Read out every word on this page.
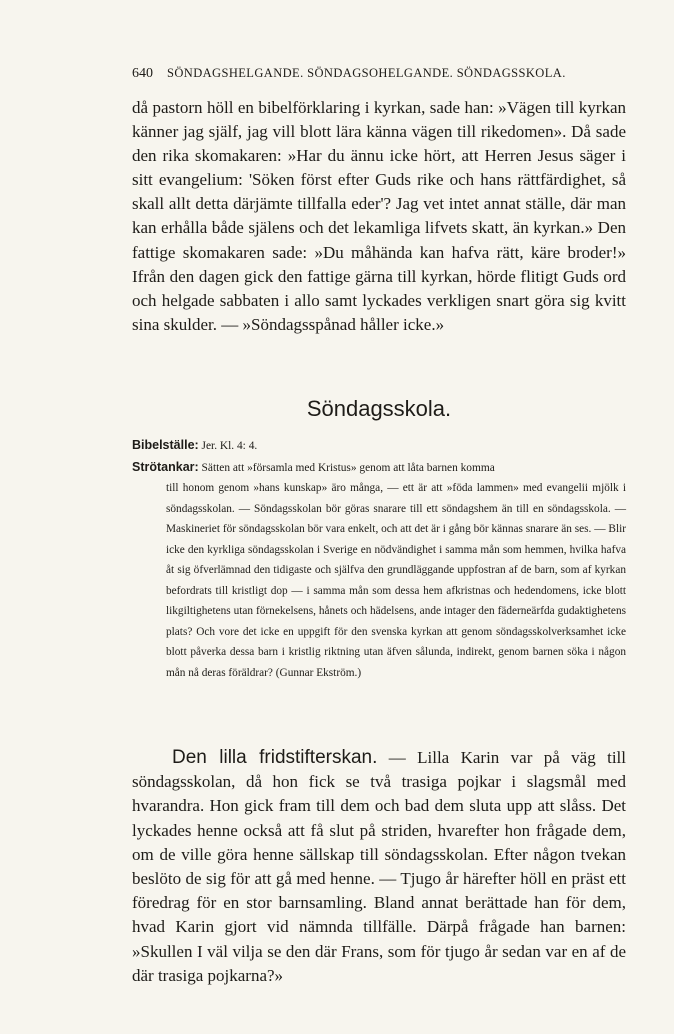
640 SÖNDAGSHELGANDE. SÖNDAGSOHELGANDE. SÖNDAGSSKOLA.

då pastorn höll en bibelförklaring i kyrkan, sade han: »Vägen till kyrkan känner jag själf, jag vill blott lära känna vägen till rikedomen». Då sade den rika skomakaren: »Har du ännu icke hört, att Herren Jesus säger i sitt evangelium: 'Söken först efter Guds rike och hans rättfärdighet, så skall allt detta därjämte tillfalla eder'? Jag vet intet annat ställe, där man kan erhålla både själens och det lekamliga lifvets skatt, än kyrkan.» Den fattige skomakaren sade: »Du måhända kan hafva rätt, käre broder!» Ifrån den dagen gick den fattige gärna till kyrkan, hörde flitigt Guds ord och helgade sabbaten i allo samt lyckades verkligen snart göra sig kvitt sina skulder. — »Söndagsspånad håller icke.»

Söndagsskola.
Bibelställe: Jer. Kl. 4: 4.
Strötankar: Sätten att »församla med Kristus» genom att låta barnen komma

till honom genom »hans kunskap» äro många, — ett är att »föda lammen» med evangelii mjölk i söndagsskolan. — Söndagsskolan bör göras snarare till ett söndagshem än till en söndagsskola. — Maskineriet för söndagsskolan bör vara enkelt, och att det är i gång bör kännas snarare än ses. — Blir icke den kyrkliga söndagsskolan i Sverige en nödvändighet i samma mån som hemmen, hvilka hafva åt sig öfverlämnad den tidigaste och själfva den grundläggande uppfostran af de barn, som af kyrkan befordrats till kristligt dop — i samma mån som dessa hem afkristnas och hedendomens, icke blott likgiltighetens utan förnekelsens, hånets och hädelsens, ande intager den fäderneärfda gudaktighetens plats? Och vore det icke en uppgift för den svenska kyrkan att genom söndagsskolverksamhet icke blott påverka dessa barn i kristlig riktning utan äfven sålunda, indirekt, genom barnen söka i någon mån nå deras föräldrar? (Gunnar Ekström.)

Den lilla fridstifterskan. — Lilla Karin var på väg till söndagsskolan, då hon fick se två trasiga pojkar i slagsmål med hvarandra. Hon gick fram till dem och bad dem sluta upp att slåss. Det lyckades henne också att få slut på striden, hvarefter hon frågade dem, om de ville göra henne sällskap till söndagsskolan. Efter någon tvekan beslöto de sig för att gå med henne. — Tjugo år härefter höll en präst ett föredrag för en stor barnsamling. Bland annat berättade han för dem, hvad Karin gjort vid nämnda tillfälle. Därpå frågade han barnen: »Skullen I väl vilja se den där Frans, som för tjugo år sedan var en af de där trasiga pojkarna?»
